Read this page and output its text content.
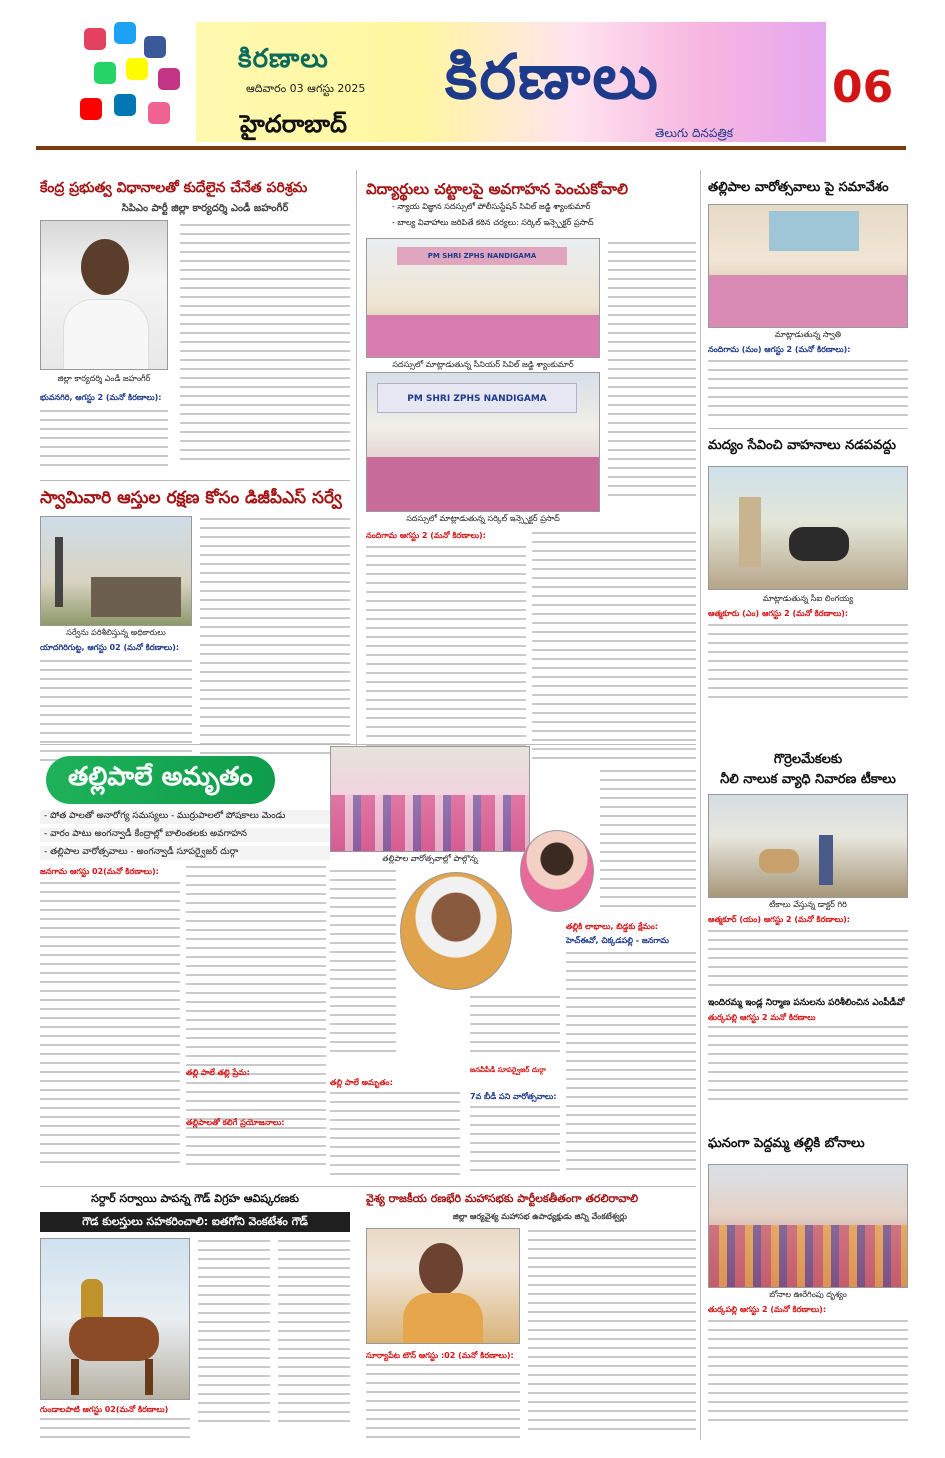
కిరణాలు
ఆదివారం 03 ఆగస్టు 2025
హైదరాబాద్
కిరణాలు
తెలుగు దినపత్రిక
06
కేంద్ర ప్రభుత్వ విధానాలతో కుదేలైన చేనేత పరిశ్రమ
సిపిఎం పార్టీ జిల్లా కార్యదర్శి ఎండీ జహంగీర్
జిల్లా కార్యదర్శి ఎండీ జహంగీర్
భువనగిరి, ఆగస్టు 2 (మనో కిరణాలు):
స్వామివారి ఆస్తుల రక్షణ కోసం డిజీపీఎస్ సర్వే
సర్వేను పరిశీలిస్తున్న అధికారులు
యాదగిరిగుట్ట, ఆగస్టు 02 (మనో కిరణాలు):
విద్యార్థులు చట్టాలపై అవగాహన పెంచుకోవాలి
- న్యాయ విజ్ఞాన సదస్సులో పోలీసుస్టేషన్ సివిల్ జడ్జి శ్యాంకుమార్
- బాల్య వివాహాలు జరిపితే కఠిన చర్యలు: సర్కిల్ ఇన్స్పెక్టర్ ప్రసాద్
PM SHRI ZPHS NANDIGAMA
సదస్సులో మాట్లాడుతున్న సీనియర్ సివిల్ జడ్జి శ్యాంకుమార్
PM SHRI ZPHS NANDIGAMA
సదస్సులో మాట్లాడుతున్న సర్కిల్ ఇన్స్పెక్టర్ ప్రసాద్
నందిగామ ఆగస్టు 2 (మనో కిరణాలు):
తల్లిపాల వారోత్సవాలు పై సమావేశం
మాట్లాడుతున్న స్వాతి
నందిగామ (మం) ఆగస్టు 2 (మనో కిరణాలు):
మద్యం సేవించి వాహనాలు నడపవద్దు
మాట్లాడుతున్న సీఐ లింగయ్య
ఆత్మకూరు (ఎం) ఆగస్టు 2 (మనో కిరణాలు):
గొర్రెలమేకలకు
నీలి నాలుక వ్యాధి నివారణ టీకాలు
టీకాలు వేస్తున్న డాక్టర్ గిరి
ఆత్మకూర్ (యం) ఆగస్టు 2 (మనో కిరణాలు):
ఇందిరమ్మ ఇండ్ల నిర్మాణ పనులను పరిశీలించిన ఎంపీడీవో
తుర్కపల్లి ఆగస్టు 2 మనో కిరణాలు
ఘనంగా పెద్దమ్మ తల్లికి బోనాలు
బోనాల ఊరేగింపు దృశ్యం
తుర్కపల్లి ఆగస్టు 2 (మనో కిరణాలు):
తల్లిపాలే అమృతం
- పోత పాలతో అనారోగ్య సమస్యలు - ముర్రుపాలలో పోషకాలు మెండు
- వారం పాటు అంగన్వాడీ కేంద్రాల్లో బాలింతలకు అవగాహన
- తల్లిపాల వారోత్సవాలు - అంగన్వాడీ సూపర్వైజర్ దుర్గా
తల్లిపాల వారోత్సవాల్లో పాల్గొన్న
జనగామ ఆగస్టు 02(మనో కిరణాలు):
తల్లి పాలే అమృతం:
7వ బీడీ పని వారోత్సవాలు:
జనవీపీడీ సూపర్వైజర్ దుర్గా
తల్లికి లాభాలు, బిడ్డకు క్షేమం:
హెచ్ఈవో, చిక్కడపల్లి - జనగామ
తల్లిపాలతో కలిగే ప్రయోజనాలు:
తల్లి పాలే తల్లి ప్రేమ:
సర్దార్ సర్వాయి పాపన్న గౌడ్ విగ్రహ ఆవిష్కరణకు
గౌడ కులస్తులు సహకరించాలి: ఐతగోని వెంకటేశం గౌడ్
గుండాలపాటి ఆగస్టు 02(మనో కిరణాలు)
వైశ్య రాజకీయ రణభేరి మహాసభకు పార్టీలకతీతంగా తరలిరావాలి
జిల్లా ఆర్యవైశ్య మహాసభ ఉపాధ్యక్షుడు జిన్ని వేంకటేశ్వర్లు
సూర్యాపేట టౌన్ ఆగస్టు :02 (మనో కిరణాలు):
